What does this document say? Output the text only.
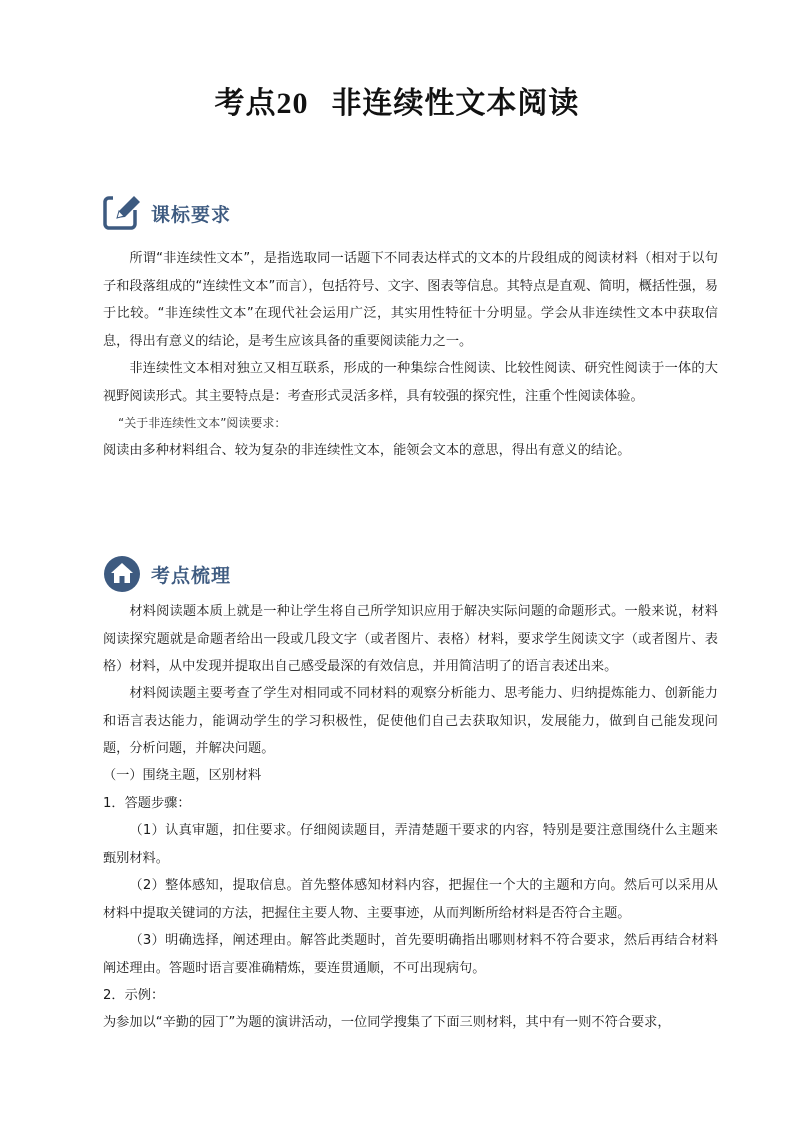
考点20 非连续性文本阅读
课标要求
所谓“非连续性文本”，是指选取同一话题下不同表达样式的文本的片段组成的阅读材料（相对于以句子和段落组成的“连续性文本”而言），包括符号、文字、图表等信息。其特点是直观、简明，概括性强，易于比较。“非连续性文本”在现代社会运用广泛，其实用性特征十分明显。学会从非连续性文本中获取信息，得出有意义的结论，是考生应该具备的重要阅读能力之一。
非连续性文本相对独立又相互联系，形成的一种集综合性阅读、比较性阅读、研究性阅读于一体的大视野阅读形式。其主要特点是：考查形式灵活多样，具有较强的探究性，注重个性阅读体验。
“关于非连续性文本”阅读要求：
阅读由多种材料组合、较为复杂的非连续性文本，能领会文本的意思，得出有意义的结论。
考点梳理
材料阅读题本质上就是一种让学生将自己所学知识应用于解决实际问题的命题形式。一般来说，材料阅读探究题就是命题者给出一段或几段文字（或者图片、表格）材料，要求学生阅读文字（或者图片、表格）材料，从中发现并提取出自己感受最深的有效信息，并用简洁明了的语言表述出来。
材料阅读题主要考查了学生对相同或不同材料的观察分析能力、思考能力、归纳提炼能力、创新能力和语言表达能力，能调动学生的学习积极性，促使他们自己去获取知识，发展能力，做到自己能发现问题，分析问题，并解决问题。
（一）围绕主题，区别材料
1．答题步骤：
（1）认真审题，扣住要求。仔细阅读题目，弄清楚题干要求的内容，特别是要注意围绕什么主题来甄别材料。
（2）整体感知，提取信息。首先整体感知材料内容，把握住一个大的主题和方向。然后可以采用从材料中提取关键词的方法，把握住主要人物、主要事迹，从而判断所给材料是否符合主题。
（3）明确选择，阐述理由。解答此类题时，首先要明确指出哪则材料不符合要求，然后再结合材料阐述理由。答题时语言要准确精炼，要连贯通顺，不可出现病句。
2．示例：
为参加以“辛勤的园丁”为题的演讲活动，一位同学搜集了下面三则材料，其中有一则不符合要求，
